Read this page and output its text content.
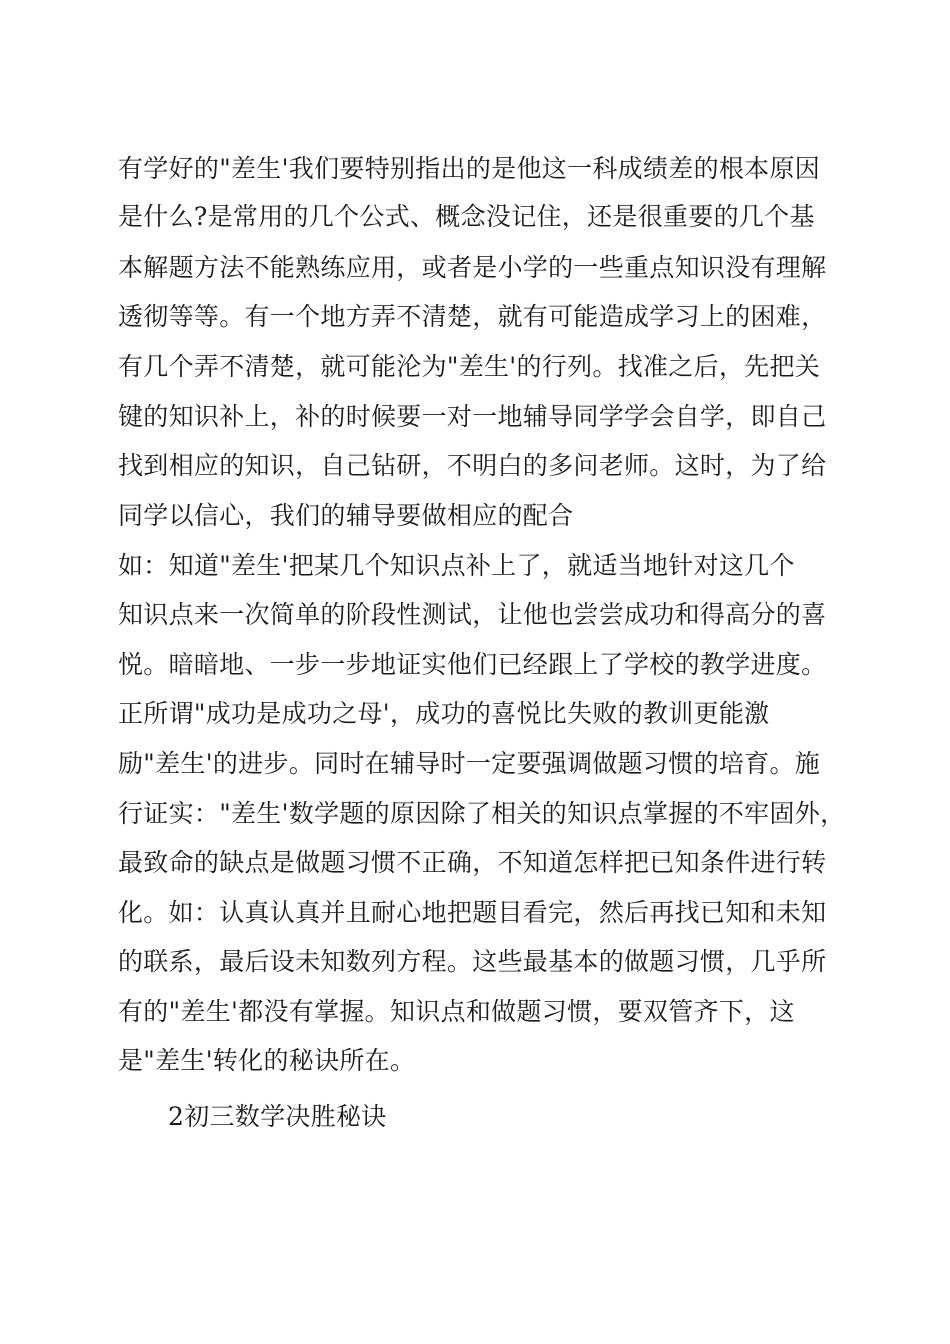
有学好的"差生'我们要特别指出的是他这一科成绩差的根本原因
是什么?是常用的几个公式、概念没记住，还是很重要的几个基
本解题方法不能熟练应用，或者是小学的一些重点知识没有理解
透彻等等。有一个地方弄不清楚，就有可能造成学习上的困难，
有几个弄不清楚，就可能沦为"差生'的行列。找准之后，先把关
键的知识补上，补的时候要一对一地辅导同学学会自学，即自己
找到相应的知识，自己钻研，不明白的多问老师。这时，为了给
同学以信心，我们的辅导要做相应的配合
如：知道"差生'把某几个知识点补上了，就适当地针对这几个
知识点来一次简单的阶段性测试，让他也尝尝成功和得高分的喜
悦。暗暗地、一步一步地证实他们已经跟上了学校的教学进度。
正所谓"成功是成功之母'，成功的喜悦比失败的教训更能激
励"差生'的进步。同时在辅导时一定要强调做题习惯的培育。施
行证实："差生'数学题的原因除了相关的知识点掌握的不牢固外，
最致命的缺点是做题习惯不正确，不知道怎样把已知条件进行转
化。如：认真认真并且耐心地把题目看完，然后再找已知和未知
的联系，最后设未知数列方程。这些最基本的做题习惯，几乎所
有的"差生'都没有掌握。知识点和做题习惯，要双管齐下，这
是"差生'转化的秘诀所在。
2初三数学决胜秘诀
